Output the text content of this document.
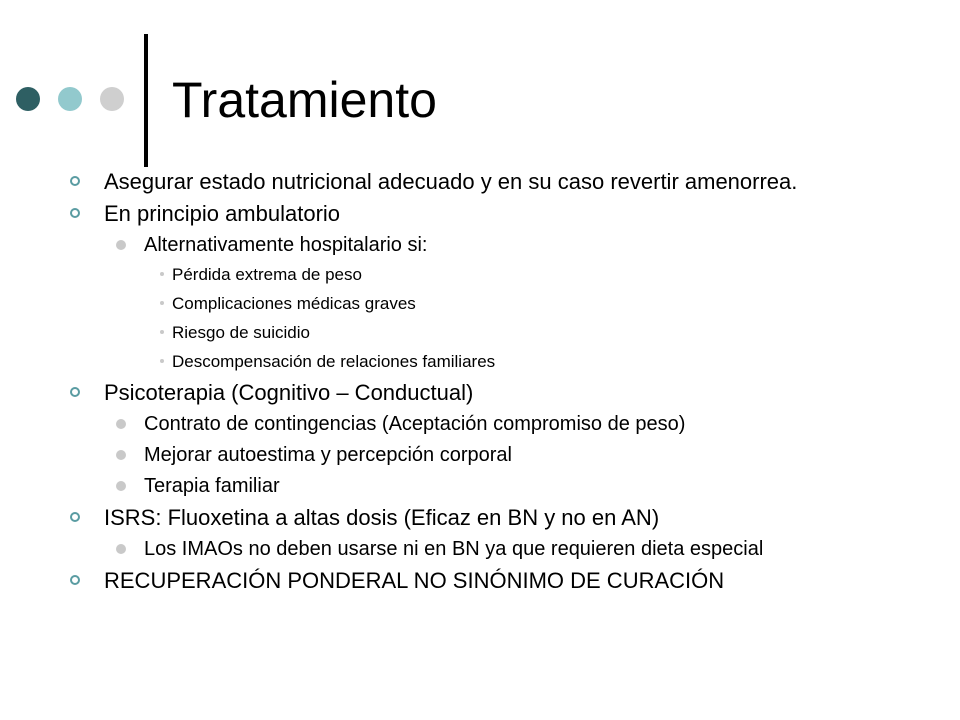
Tratamiento
Asegurar estado nutricional adecuado y en su caso revertir amenorrea.
En principio ambulatorio
Alternativamente hospitalario si:
Pérdida extrema de peso
Complicaciones médicas graves
Riesgo de suicidio
Descompensación de relaciones familiares
Psicoterapia (Cognitivo – Conductual)
Contrato de contingencias (Aceptación compromiso de peso)
Mejorar autoestima y percepción corporal
Terapia familiar
ISRS: Fluoxetina a altas dosis (Eficaz en BN y no en AN)
Los IMAOs no deben usarse ni en BN ya que requieren dieta especial
RECUPERACIÓN PONDERAL NO SINÓNIMO DE CURACIÓN
